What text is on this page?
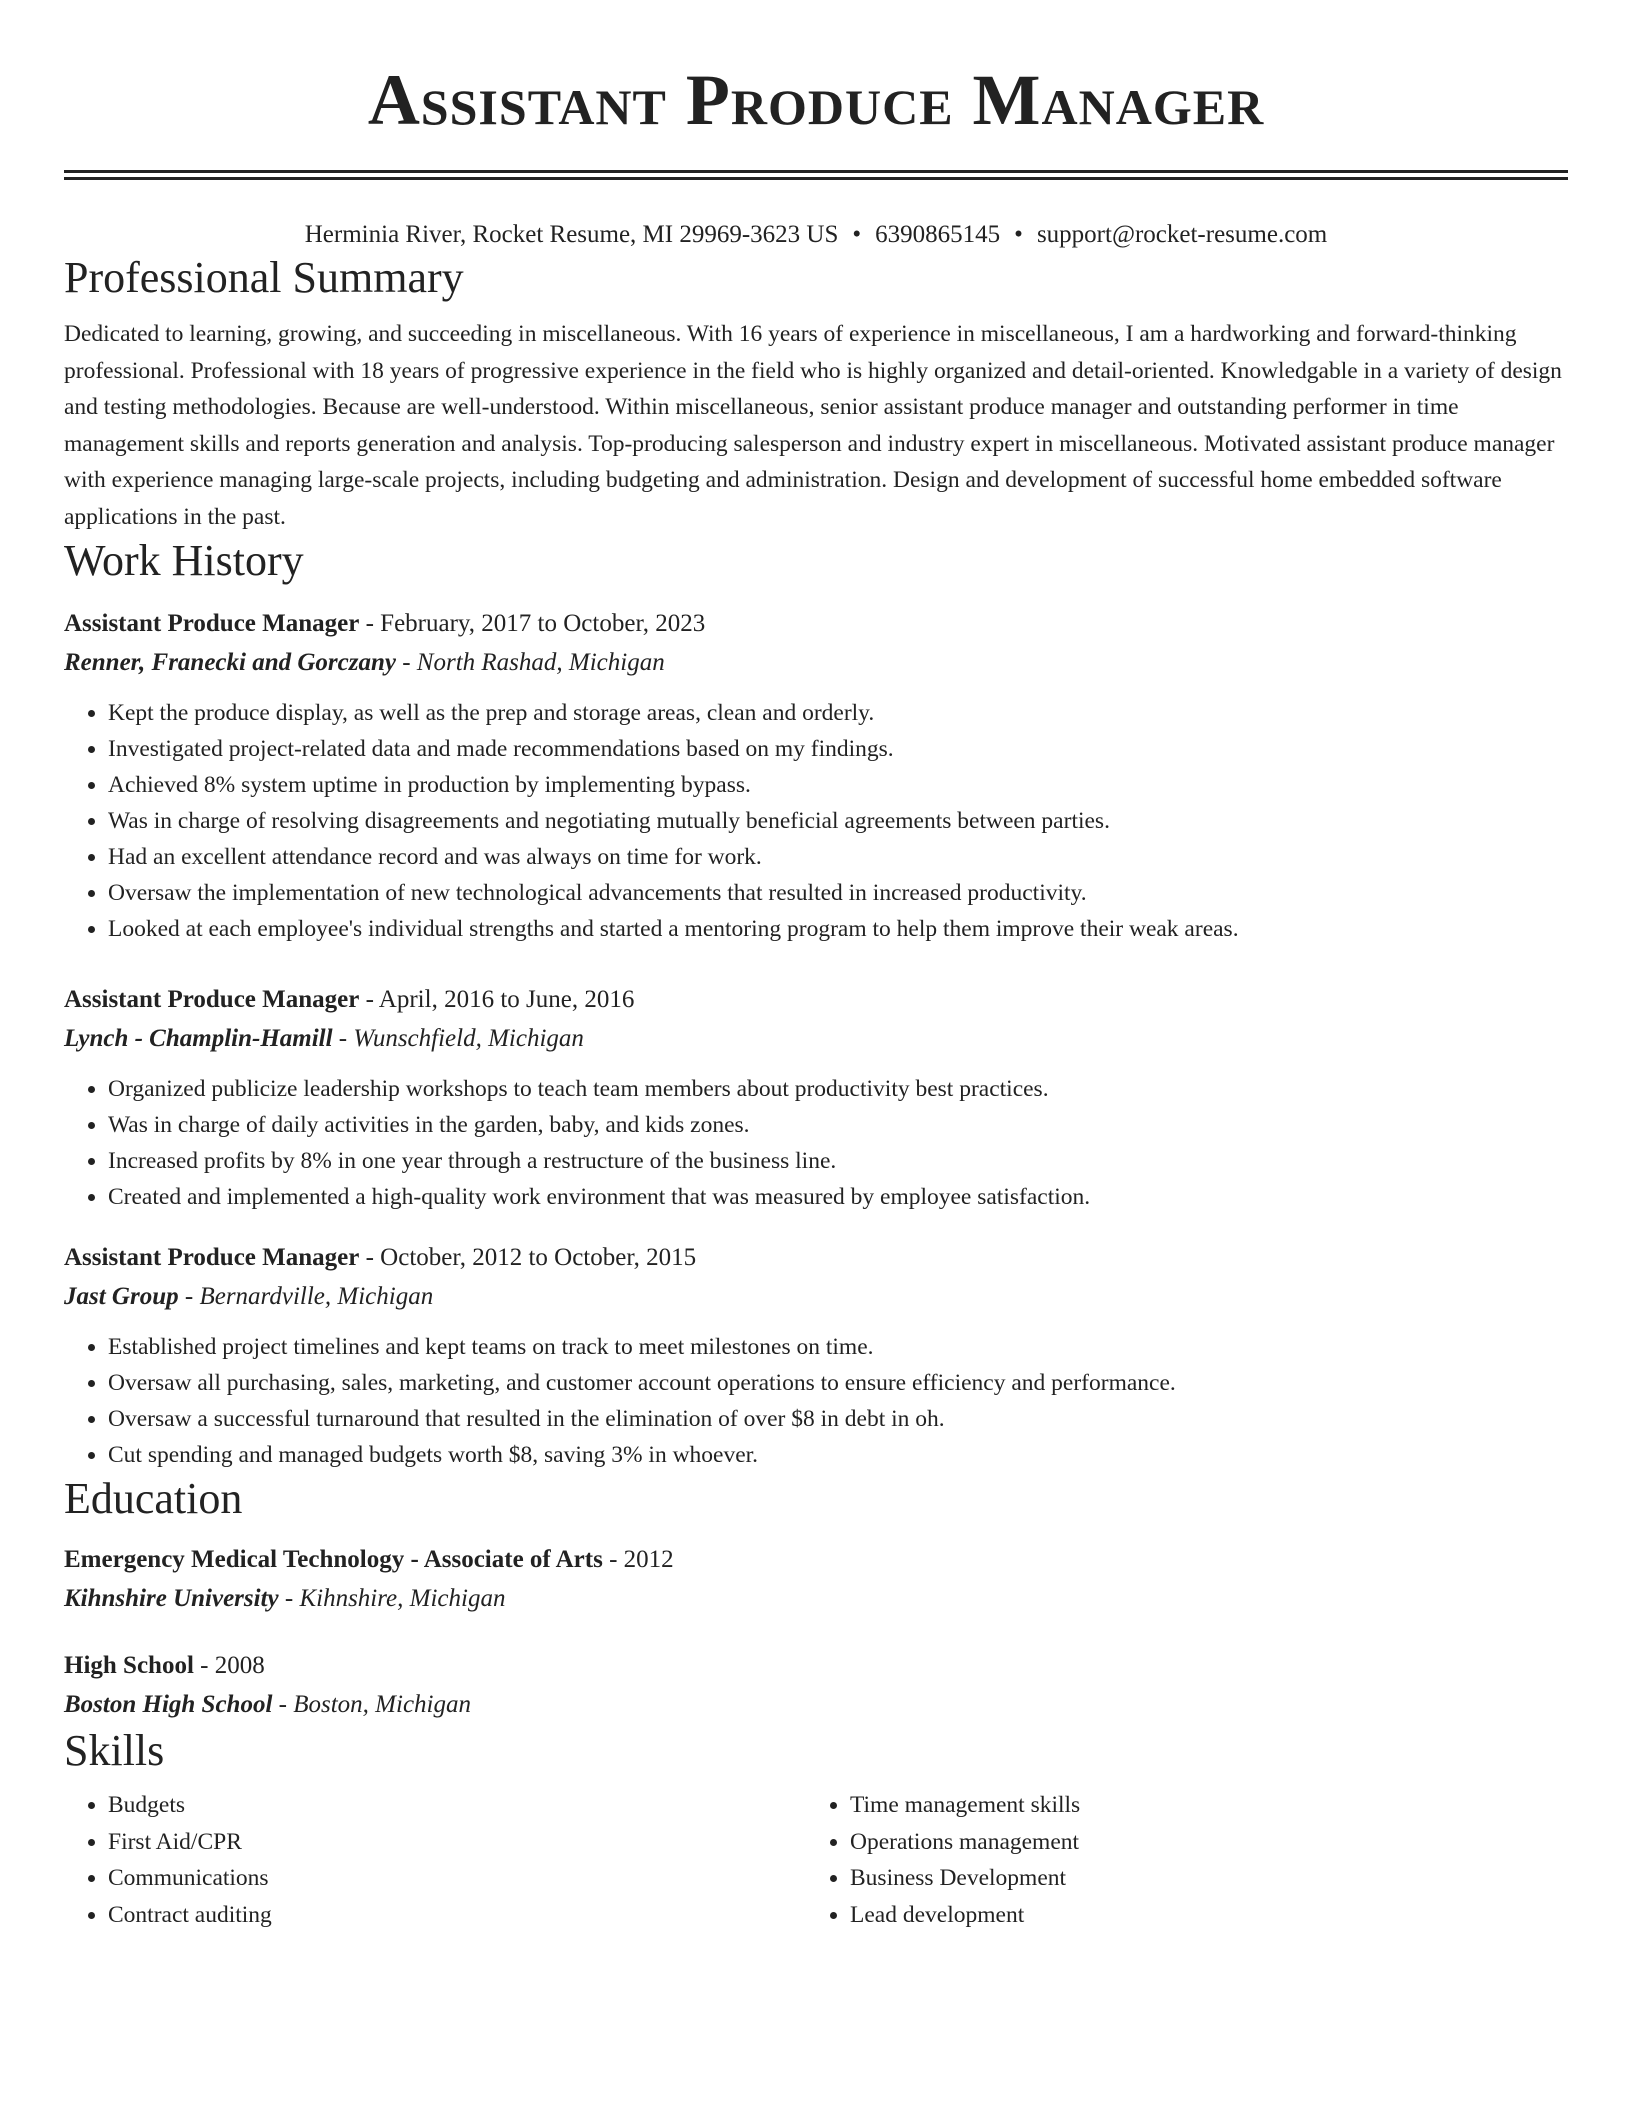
Assistant Produce Manager
Herminia River, Rocket Resume, MI 29969-3623 US • 6390865145 • support@rocket-resume.com
Professional Summary

Dedicated to learning, growing, and succeeding in miscellaneous. With 16 years of experience in miscellaneous, I am a hardworking and forward-thinking professional. Professional with 18 years of progressive experience in the field who is highly organized and detail-oriented. Knowledgable in a variety of design and testing methodologies. Because are well-understood. Within miscellaneous, senior assistant produce manager and outstanding performer in time management skills and reports generation and analysis. Top-producing salesperson and industry expert in miscellaneous. Motivated assistant produce manager with experience managing large-scale projects, including budgeting and administration. Design and development of successful home embedded software applications in the past.

Work History
Assistant Produce Manager - February, 2017 to October, 2023
Renner, Franecki and Gorczany - North Rashad, Michigan
• Kept the produce display, as well as the prep and storage areas, clean and orderly.
• Investigated project-related data and made recommendations based on my findings.
• Achieved 8% system uptime in production by implementing bypass.
• Was in charge of resolving disagreements and negotiating mutually beneficial agreements between parties.
• Had an excellent attendance record and was always on time for work.
• Oversaw the implementation of new technological advancements that resulted in increased productivity.
• Looked at each employee's individual strengths and started a mentoring program to help them improve their weak areas.
Assistant Produce Manager - April, 2016 to June, 2016
Lynch - Champlin-Hamill - Wunschfield, Michigan
• Organized publicize leadership workshops to teach team members about productivity best practices.
• Was in charge of daily activities in the garden, baby, and kids zones.
• Increased profits by 8% in one year through a restructure of the business line.
• Created and implemented a high-quality work environment that was measured by employee satisfaction.
Assistant Produce Manager - October, 2012 to October, 2015
Jast Group - Bernardville, Michigan
• Established project timelines and kept teams on track to meet milestones on time.
• Oversaw all purchasing, sales, marketing, and customer account operations to ensure efficiency and performance.
• Oversaw a successful turnaround that resulted in the elimination of over $8 in debt in oh.
• Cut spending and managed budgets worth $8, saving 3% in whoever.
Education
Emergency Medical Technology - Associate of Arts - 2012
Kihnshire University - Kihnshire, Michigan
High School - 2008
Boston High School - Boston, Michigan
Skills
• Budgets
• First Aid/CPR
• Communications
• Contract auditing
• Time management skills
• Operations management
• Business Development
• Lead development
